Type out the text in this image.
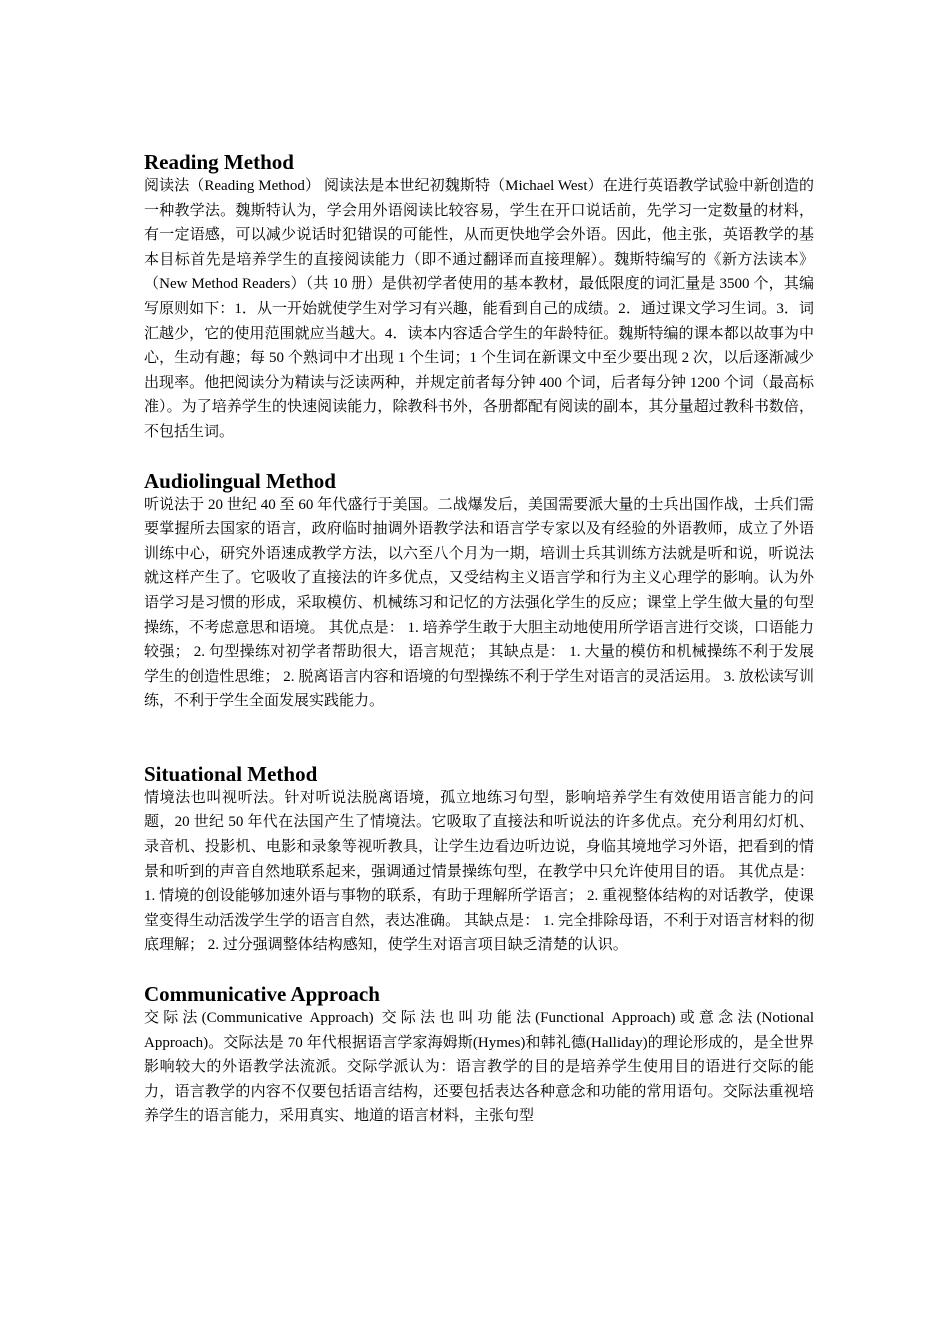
Reading Method

阅读法（Reading Method） 阅读法是本世纪初魏斯特（Michael West）在进行英语教学试验中新创造的一种教学法。魏斯特认为，学会用外语阅读比较容易，学生在开口说话前，先学习一定数量的材料，有一定语感，可以减少说话时犯错误的可能性，从而更快地学会外语。因此，他主张，英语教学的基本目标首先是培养学生的直接阅读能力（即不通过翻译而直接理解）。魏斯特编写的《新方法读本》（New Method Readers）（共 10 册）是供初学者使用的基本教材，最低限度的词汇量是 3500 个，其编写原则如下：1．从一开始就使学生对学习有兴趣，能看到自己的成绩。2．通过课文学习生词。3．词汇越少，它的使用范围就应当越大。4．读本内容适合学生的年龄特征。魏斯特编的课本都以故事为中心，生动有趣；每 50 个熟词中才出现 1 个生词；1 个生词在新课文中至少要出现 2 次，以后逐渐减少出现率。他把阅读分为精读与泛读两种，并规定前者每分钟 400 个词，后者每分钟 1200 个词（最高标准）。为了培养学生的快速阅读能力，除教科书外，各册都配有阅读的副本，其分量超过教科书数倍，不包括生词。

Audiolingual Method

听说法于 20 世纪 40 至 60 年代盛行于美国。二战爆发后，美国需要派大量的士兵出国作战，士兵们需要掌握所去国家的语言，政府临时抽调外语教学法和语言学专家以及有经验的外语教师，成立了外语训练中心，研究外语速成教学方法，以六至八个月为一期，培训士兵其训练方法就是听和说，听说法就这样产生了。它吸收了直接法的许多优点，又受结构主义语言学和行为主义心理学的影响。认为外语学习是习惯的形成，采取模仿、机械练习和记忆的方法强化学生的反应；课堂上学生做大量的句型操练，不考虑意思和语境。 其优点是： 1. 培养学生敢于大胆主动地使用所学语言进行交谈，口语能力较强； 2. 句型操练对初学者帮助很大，语言规范； 其缺点是： 1. 大量的模仿和机械操练不利于发展学生的创造性思维； 2. 脱离语言内容和语境的句型操练不利于学生对语言的灵活运用。 3. 放松读写训练，不利于学生全面发展实践能力。

Situational Method

情境法也叫视听法。针对听说法脱离语境，孤立地练习句型，影响培养学生有效使用语言能力的问题，20 世纪 50 年代在法国产生了情境法。它吸取了直接法和听说法的许多优点。充分利用幻灯机、录音机、投影机、电影和录象等视听教具，让学生边看边听边说，身临其境地学习外语，把看到的情景和听到的声音自然地联系起来，强调通过情景操练句型，在教学中只允许使用目的语。 其优点是： 1. 情境的创设能够加速外语与事物的联系，有助于理解所学语言； 2. 重视整体结构的对话教学，使课堂变得生动活泼学生学的语言自然，表达准确。 其缺点是： 1. 完全排除母语，不利于对语言材料的彻底理解； 2. 过分强调整体结构感知，使学生对语言项目缺乏清楚的认识。

Communicative Approach

交际法(Communicative Approach) 交际法也叫功能法(Functional Approach)或意念法(Notional Approach)。交际法是 70 年代根据语言学家海姆斯(Hymes)和韩礼德(Halliday)的理论形成的，是全世界影响较大的外语教学法流派。交际学派认为：语言教学的目的是培养学生使用目的语进行交际的能力，语言教学的内容不仅要包括语言结构，还要包括表达各种意念和功能的常用语句。交际法重视培养学生的语言能力，采用真实、地道的语言材料，主张句型
